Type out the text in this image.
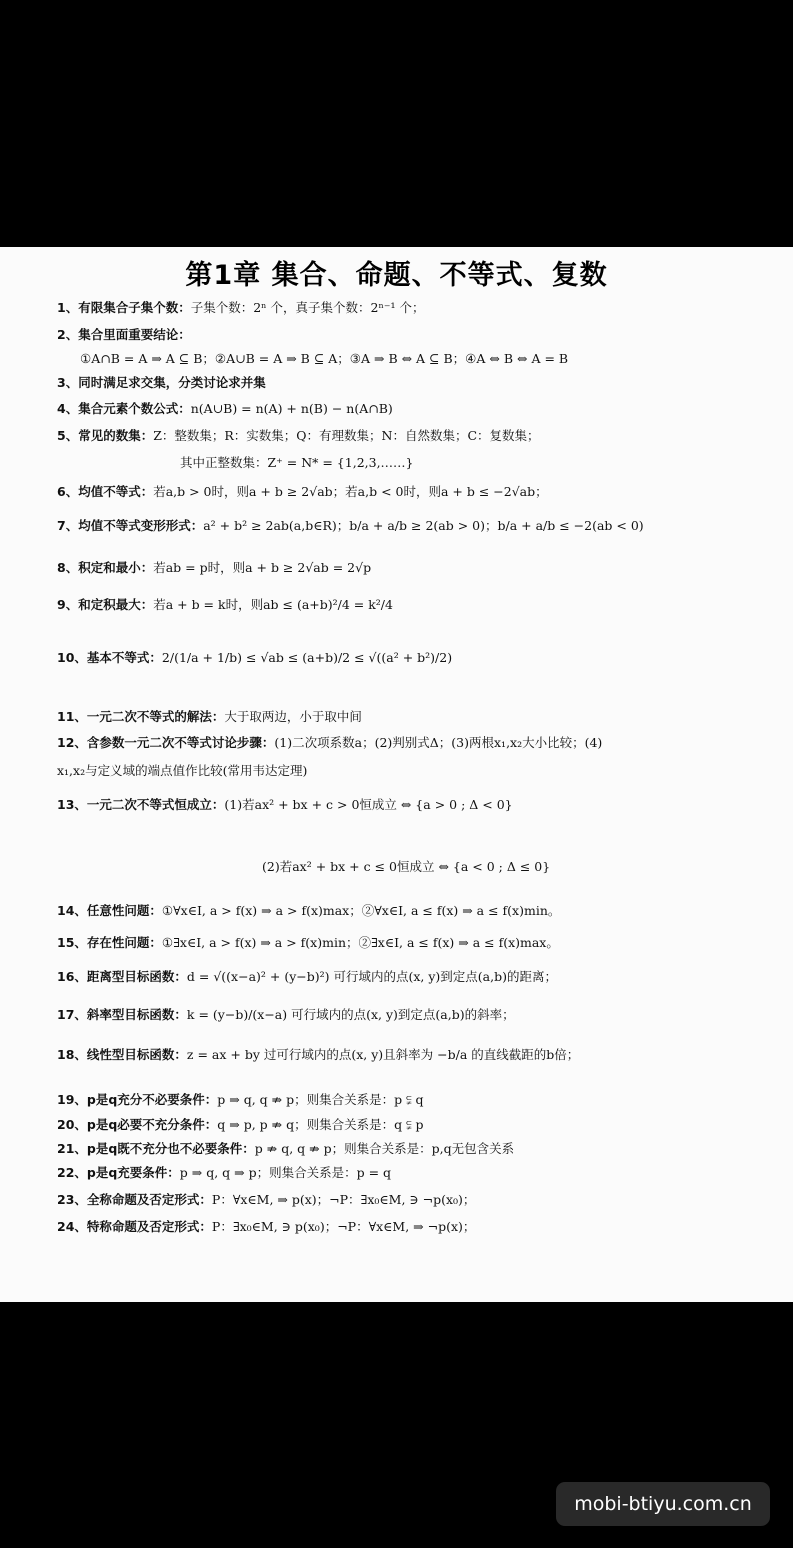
第1章 集合、命题、不等式、复数
1、有限集合子集个数：子集个数：2ⁿ 个，真子集个数：2ⁿ⁻¹ 个；
2、集合里面重要结论：
①A∩B = A ⇒ A ⊆ B；②A∪B = A ⇒ B ⊆ A；③A ⇒ B ⇔ A ⊆ B；④A ⇔ B ⇔ A = B
3、同时满足求交集，分类讨论求并集
4、集合元素个数公式：n(A∪B) = n(A) + n(B) − n(A∩B)
5、常见的数集：Z：整数集；R：实数集；Q：有理数集；N：自然数集；C：复数集；
其中正整数集：Z⁺ = N* = {1,2,3,……}
6、均值不等式：若a,b > 0时，则a + b ≥ 2√ab；若a,b < 0时，则a + b ≤ −2√ab；
7、均值不等式变形形式：a² + b² ≥ 2ab(a,b∈R)；b/a + a/b ≥ 2(ab > 0)；b/a + a/b ≤ −2(ab < 0)
8、积定和最小：若ab = p时，则a + b ≥ 2√ab = 2√p
9、和定积最大：若a + b = k时，则ab ≤ (a+b)²/4 = k²/4
10、基本不等式：2/(1/a + 1/b) ≤ √ab ≤ (a+b)/2 ≤ √((a² + b²)/2)
11、一元二次不等式的解法：大于取两边，小于取中间
12、含参数一元二次不等式讨论步骤：(1)二次项系数a；(2)判别式Δ；(3)两根x₁,x₂大小比较；(4)
x₁,x₂与定义域的端点值作比较(常用韦达定理)
13、一元二次不等式恒成立：(1)若ax² + bx + c > 0恒成立 ⇔ {a > 0 ; Δ < 0}
(2)若ax² + bx + c ≤ 0恒成立 ⇔ {a < 0 ; Δ ≤ 0}
14、任意性问题：①∀x∈I, a > f(x) ⇒ a > f(x)max；②∀x∈I, a ≤ f(x) ⇒ a ≤ f(x)min。
15、存在性问题：①∃x∈I, a > f(x) ⇒ a > f(x)min；②∃x∈I, a ≤ f(x) ⇒ a ≤ f(x)max。
16、距离型目标函数：d = √((x−a)² + (y−b)²) 可行域内的点(x, y)到定点(a,b)的距离；
17、斜率型目标函数：k = (y−b)/(x−a) 可行域内的点(x, y)到定点(a,b)的斜率；
18、线性型目标函数：z = ax + by 过可行域内的点(x, y)且斜率为 −b/a 的直线截距的b倍；
19、p是q充分不必要条件：p ⇒ q, q ⇏ p；则集合关系是：p ⫋ q
20、p是q必要不充分条件：q ⇒ p, p ⇏ q；则集合关系是：q ⫋ p
21、p是q既不充分也不必要条件：p ⇏ q, q ⇏ p；则集合关系是：p,q无包含关系
22、p是q充要条件：p ⇒ q, q ⇒ p；则集合关系是：p = q
23、全称命题及否定形式：P：∀x∈M, ⇒ p(x)；¬P：∃x₀∈M, ∋ ¬p(x₀)；
24、特称命题及否定形式：P：∃x₀∈M, ∋ p(x₀)；¬P：∀x∈M, ⇒ ¬p(x)；
mobi-btiyu.com.cn
